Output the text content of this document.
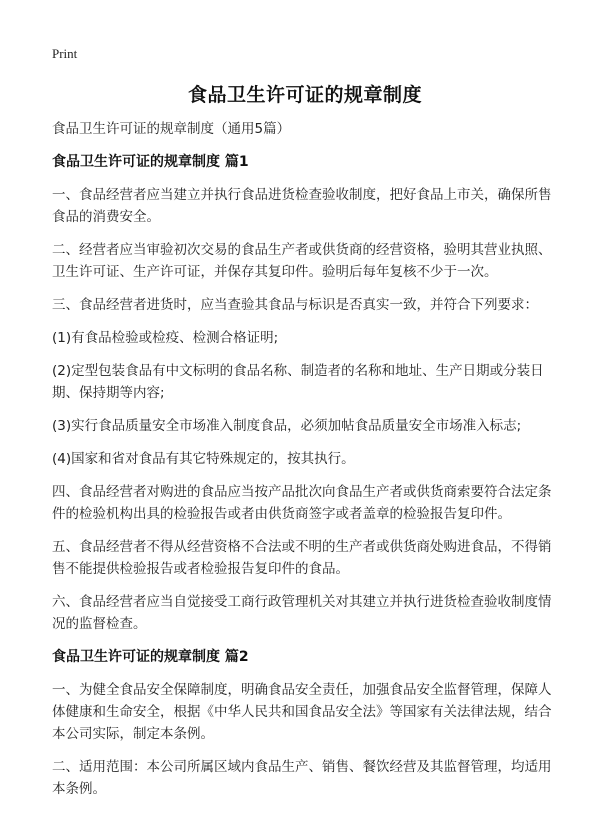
Print
食品卫生许可证的规章制度

食品卫生许可证的规章制度（通用5篇）

食品卫生许可证的规章制度 篇1

一、食品经营者应当建立并执行食品进货检查验收制度，把好食品上市关，确保所售食品的消费安全。

二、经营者应当审验初次交易的食品生产者或供货商的经营资格，验明其营业执照、卫生许可证、生产许可证，并保存其复印件。验明后每年复核不少于一次。

三、食品经营者进货时，应当查验其食品与标识是否真实一致，并符合下列要求：

(1)有食品检验或检疫、检测合格证明;

(2)定型包装食品有中文标明的食品名称、制造者的名称和地址、生产日期或分装日期、保持期等内容;

(3)实行食品质量安全市场准入制度食品，必须加帖食品质量安全市场准入标志;

(4)国家和省对食品有其它特殊规定的，按其执行。

四、食品经营者对购进的食品应当按产品批次向食品生产者或供货商索要符合法定条件的检验机构出具的检验报告或者由供货商签字或者盖章的检验报告复印件。

五、食品经营者不得从经营资格不合法或不明的生产者或供货商处购进食品，不得销售不能提供检验报告或者检验报告复印件的食品。

六、食品经营者应当自觉接受工商行政管理机关对其建立并执行进货检查验收制度情况的监督检查。

食品卫生许可证的规章制度 篇2

一、为健全食品安全保障制度，明确食品安全责任，加强食品安全监督管理，保障人体健康和生命安全，根据《中华人民共和国食品安全法》等国家有关法律法规，结合本公司实际，制定本条例。

二、适用范围：本公司所属区域内食品生产、销售、餐饮经营及其监督管理，均适用本条例。
